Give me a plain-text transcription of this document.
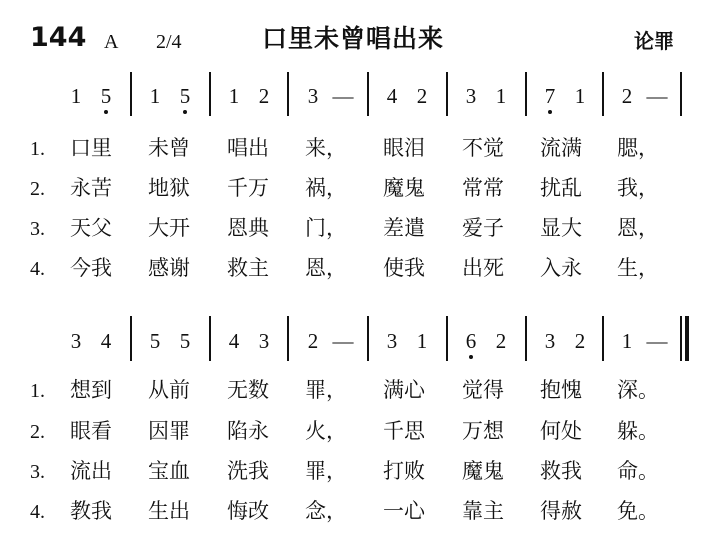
144 A 2/4	口里未曾唱出来	论罪
1 5 1 5 1 2 3 — 4 2 3 1 7 1 2 —
1. 口里 未曾 唱出 来， 眼泪 不觉 流满 腮，
2. 永苦 地狱 千万 祸， 魔鬼 常常 扰乱 我，
3. 天父 大开 恩典 门， 差遣 爱子 显大 恩，
4. 今我 感谢 救主 恩， 使我 出死 入永 生，
3 4 5 5 4 3 2 — 3 1 6 2 3 2 1 —
1. 想到 从前 无数 罪， 满心 觉得 抱愧 深。
2. 眼看 因罪 陷永 火， 千思 万想 何处 躲。
3. 流出 宝血 洗我 罪， 打败 魔鬼 救我 命。
4. 教我 生出 悔改 念， 一心 靠主 得赦 免。
